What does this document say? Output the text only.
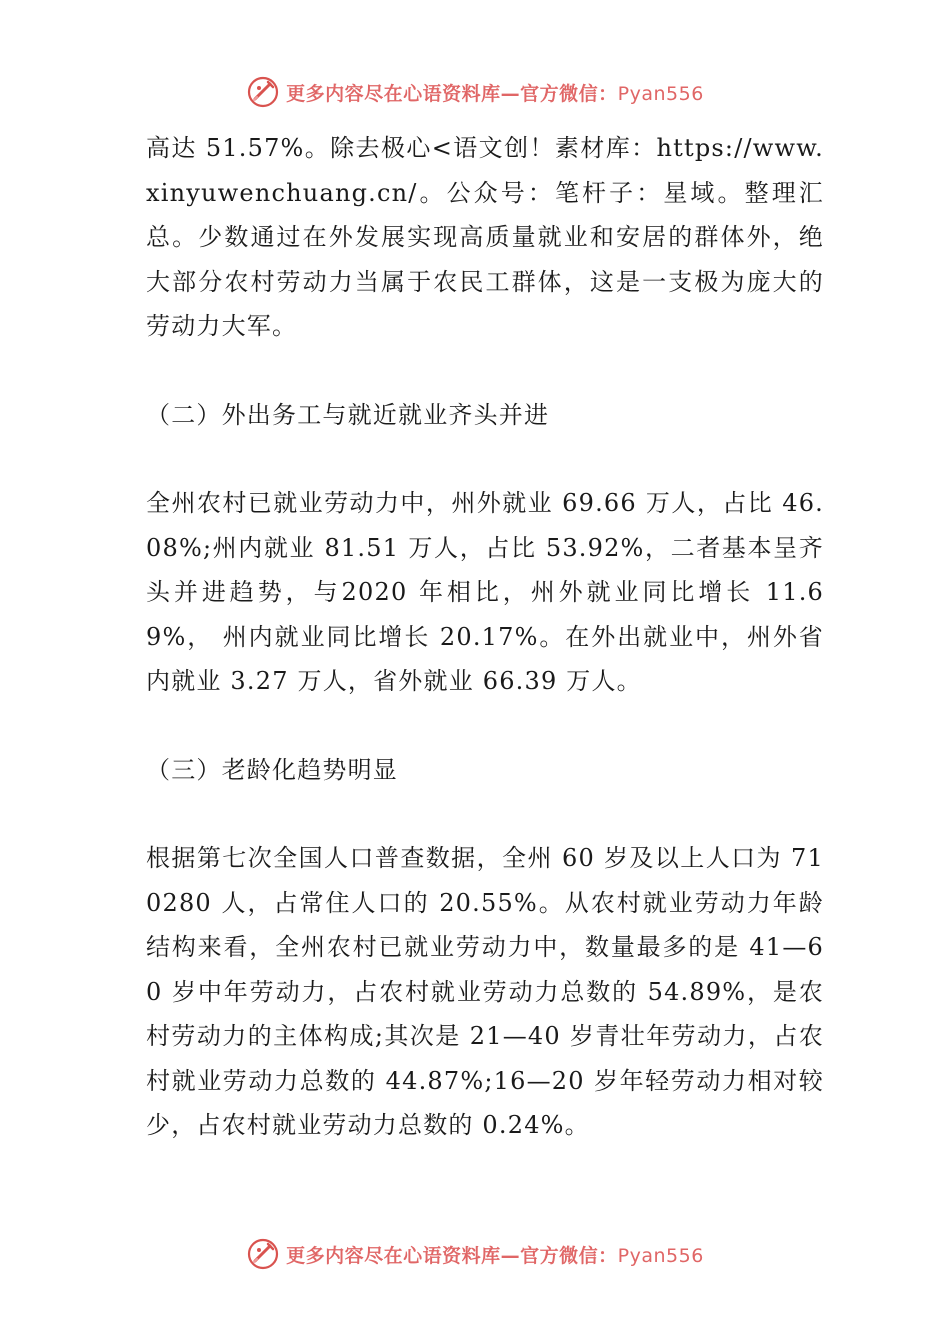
更多内容尽在心语资料库—官方微信：Pyan556

高达 51.57%。除去极心<语文创！素材库：https://www.xinyuwenchuang.cn/。公众号：笔杆子：星域。整理汇总。少数通过在外发展实现高质量就业和安居的群体外，绝大部分农村劳动力当属于农民工群体，这是一支极为庞大的劳动力大军。

（二）外出务工与就近就业齐头并进

全州农村已就业劳动力中，州外就业 69.66 万人，占比 46.08%;州内就业 81.51 万人，占比 53.92%，二者基本呈齐头并进趋势，与2020 年相比，州外就业同比增长 11.69%， 州内就业同比增长 20.17%。在外出就业中，州外省内就业 3.27 万人，省外就业 66.39 万人。

（三）老龄化趋势明显

根据第七次全国人口普查数据，全州 60 岁及以上人口为 710280 人，占常住人口的 20.55%。从农村就业劳动力年龄结构来看，全州农村已就业劳动力中，数量最多的是 41—60 岁中年劳动力，占农村就业劳动力总数的 54.89%，是农村劳动力的主体构成;其次是 21—40 岁青壮年劳动力，占农村就业劳动力总数的 44.87%;16—20 岁年轻劳动力相对较少，占农村就业劳动力总数的 0.24%。

更多内容尽在心语资料库—官方微信：Pyan556
